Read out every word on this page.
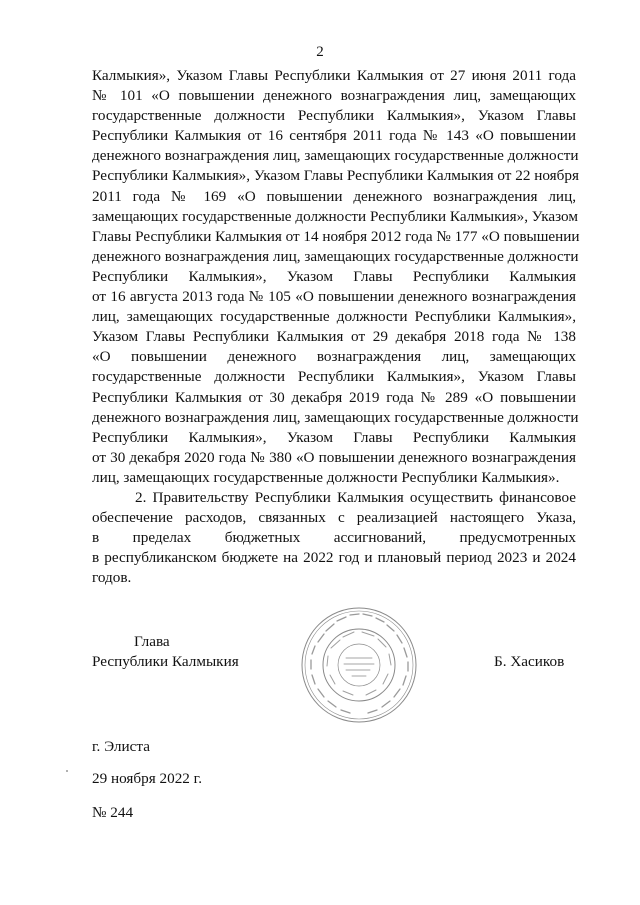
2
Калмыкия», Указом Главы Республики Калмыкия от 27 июня 2011 года
№ 101 «О повышении денежного вознаграждения лиц, замещающих
государственные должности Республики Калмыкия», Указом Главы
Республики Калмыкия от 16 сентября 2011 года № 143 «О повышении
денежного вознаграждения лиц, замещающих государственные должности
Республики Калмыкия», Указом Главы Республики Калмыкия от 22 ноября
2011 года № 169 «О повышении денежного вознаграждения лиц,
замещающих государственные должности Республики Калмыкия», Указом
Главы Республики Калмыкия от 14 ноября 2012 года № 177 «О повышении
денежного вознаграждения лиц, замещающих государственные должности
Республики Калмыкия», Указом Главы Республики Калмыкия
от 16 августа 2013 года № 105 «О повышении денежного вознаграждения
лиц, замещающих государственные должности Республики Калмыкия»,
Указом Главы Республики Калмыкия от 29 декабря 2018 года № 138
«О повышении денежного вознаграждения лиц, замещающих
государственные должности Республики Калмыкия», Указом Главы
Республики Калмыкия от 30 декабря 2019 года № 289 «О повышении
денежного вознаграждения лиц, замещающих государственные должности
Республики Калмыкия», Указом Главы Республики Калмыкия
от 30 декабря 2020 года № 380 «О повышении денежного вознаграждения
лиц, замещающих государственные должности Республики Калмыкия».
2. Правительству Республики Калмыкия осуществить финансовое
обеспечение расходов, связанных с реализацией настоящего Указа,
в пределах бюджетных ассигнований, предусмотренных
в республиканском бюджете на 2022 год и плановый период 2023 и 2024
годов.
Глава
Республики Калмыкия	Б. Хасиков
г. Элиста
29 ноября 2022 г.
№ 244
